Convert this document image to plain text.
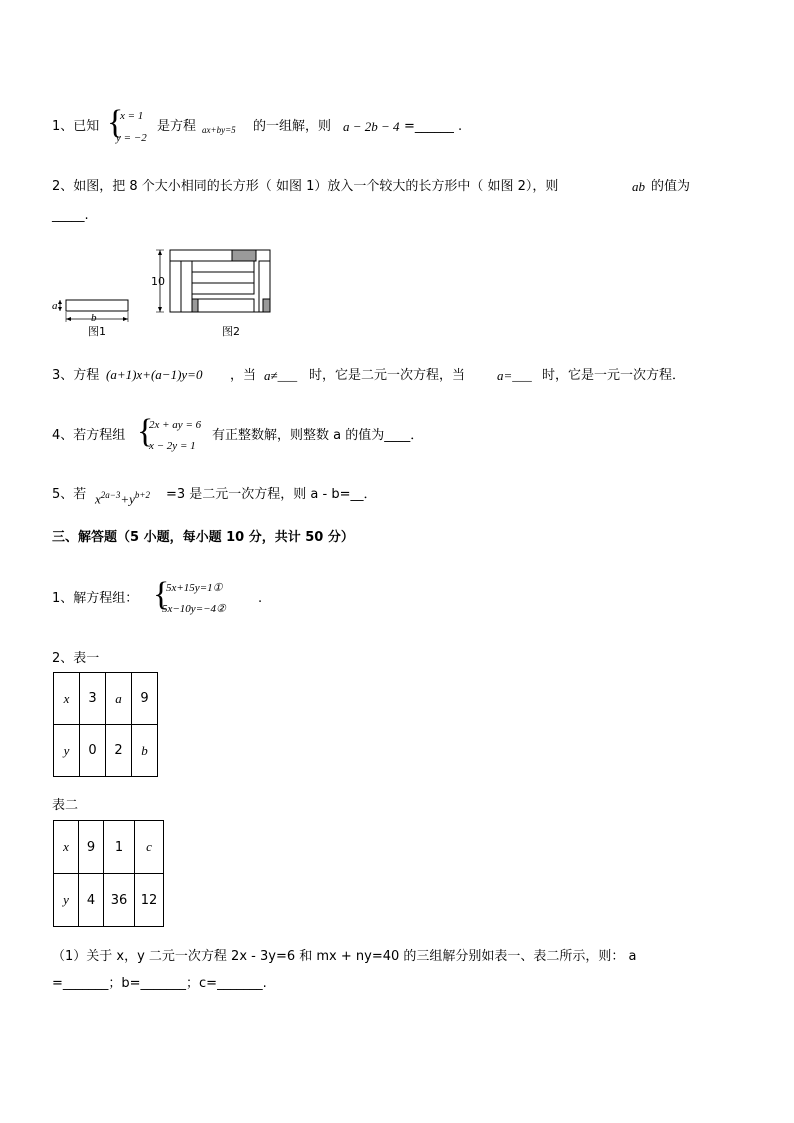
1、已知 {
x = 1
y = −2
是方程 ax+by=5 的一组解，则 a − 2b − 4 =______ .
2、如图，把 8 个大小相同的长方形（ 如图 1）放入一个较大的长方形中（ 如图 2），则	ab 的值为
_____.
a
b
图1
10
图2
3、方程 (a+1)x+(a−1)y=0 ，当 a≠___ 时，它是二元一次方程，当 a=___ 时，它是一元一次方程．
4、若方程组 {
2x + ay = 6
x − 2y = 1
有正整数解，则整数 a 的值为____．
5、若 $x^{2a-3}+y^{b+2} =3$ 是二元一次方程，则 a - b=__．
三、解答题（5 小题，每小题 10 分，共计 50 分）
1、解方程组： {
5x+15y=1①
5x−10y=−4②
.
2、表一
x	3	a	9
y	0	2	b
表二
x	9	1	c
y	4	36	12
（1）关于 x，y 二元一次方程 2x - 3y=6 和 mx + ny=40 的三组解分别如表一、表二所示，则： a
=_______；b=_______；c=_______.
